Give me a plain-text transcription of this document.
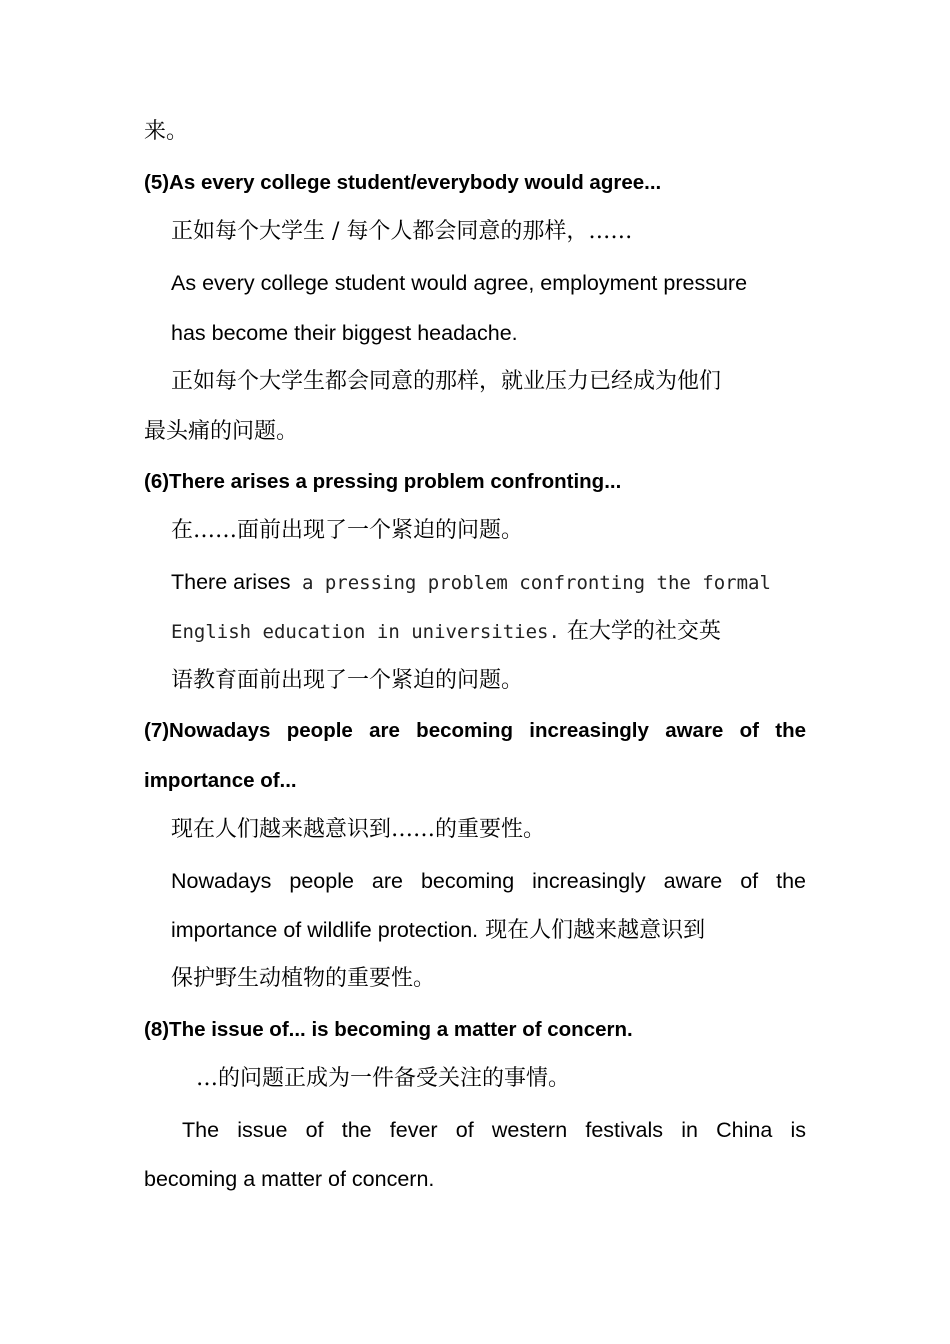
来。
(5)As every college student/everybody would agree...
正如每个大学生 / 每个人都会同意的那样，……
As every college student would agree, employment pressure
has become their biggest headache.
正如每个大学生都会同意的那样，就业压力已经成为他们
最头痛的问题。
(6)There arises a pressing problem confronting...
在……面前出现了一个紧迫的问题。
There arises a pressing problem confronting the formal
English education in universities. 在大学的社交英
语教育面前出现了一个紧迫的问题。
(7)Nowadays people are becoming increasingly aware of the
importance of...
现在人们越来越意识到……的重要性。
Nowadays people are becoming increasingly aware of the
importance of wildlife protection. 现在人们越来越意识到
保护野生动植物的重要性。
(8)The issue of... is becoming a matter of concern.
…的问题正成为一件备受关注的事情。
The issue of the fever of western festivals in China is
becoming a matter of concern.
